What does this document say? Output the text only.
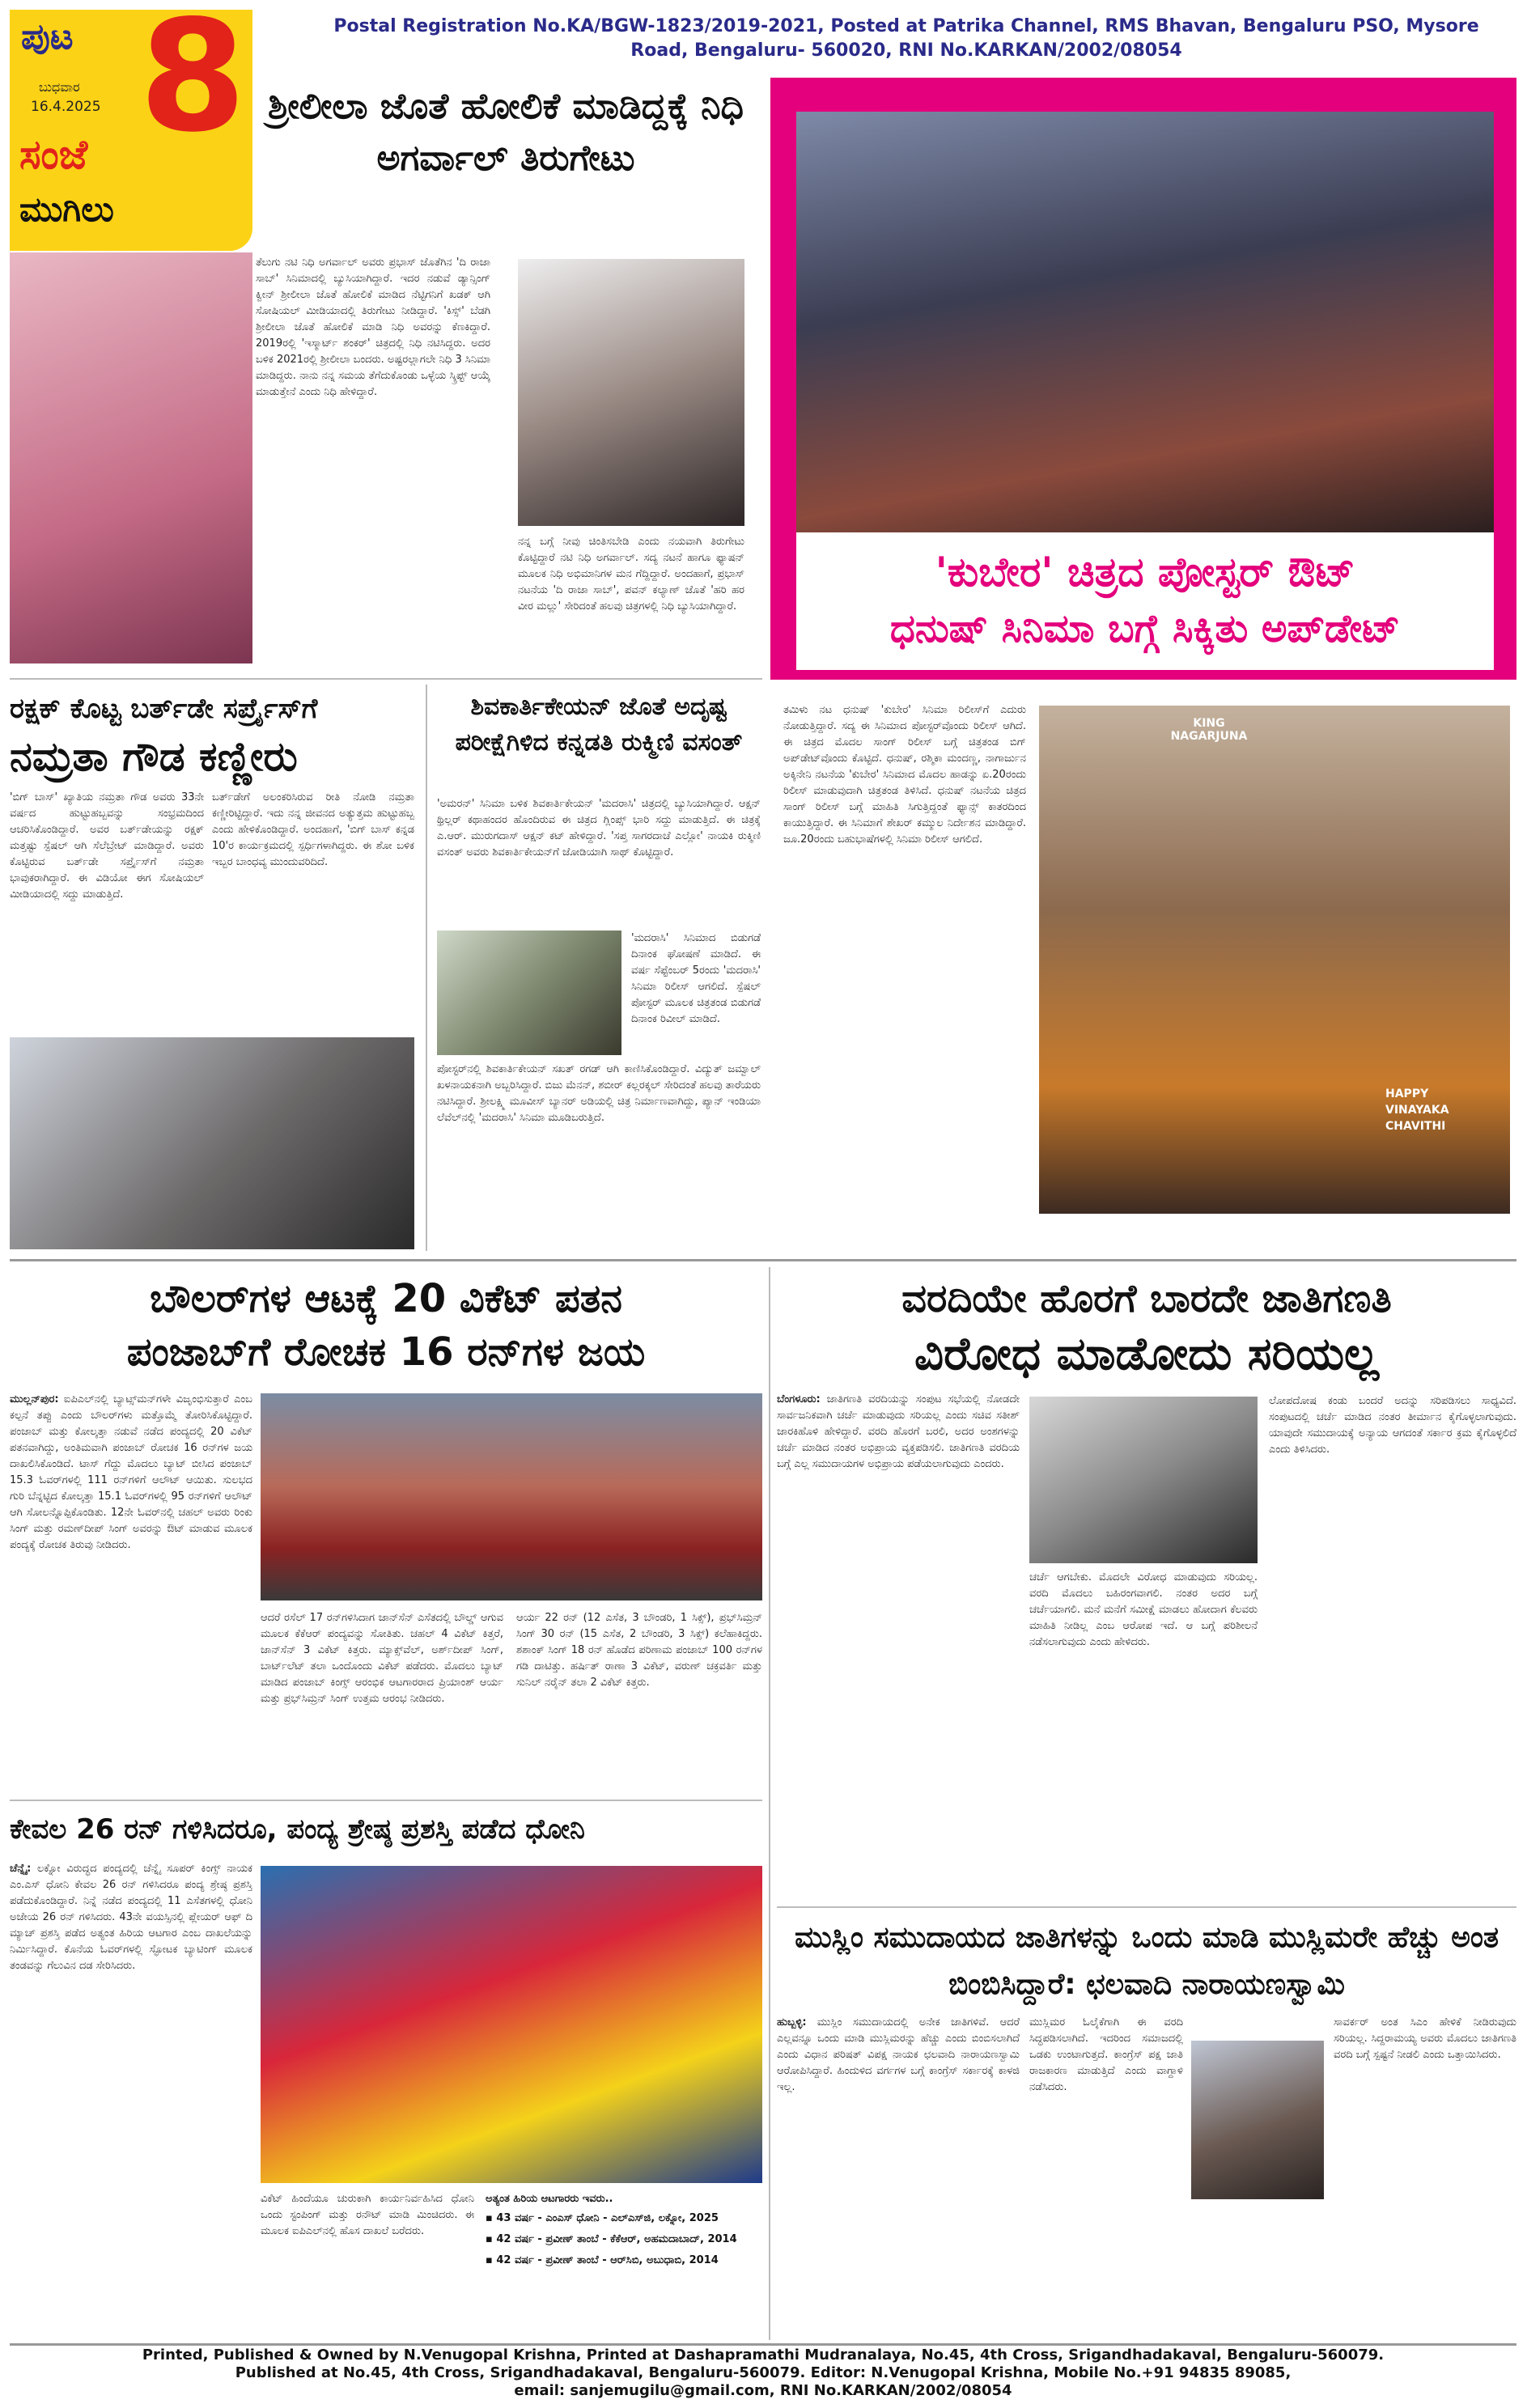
ಪುಟ
ಬುಧವಾರ
16.4.2025 8
ಸಂಜೆ
ಮುಗಿಲು
Postal Registration No.KA/BGW-1823/2019-2021, Posted at Patrika Channel, RMS Bhavan, Bengaluru PSO, Mysore Road, Bengaluru- 560020, RNI No.KARKAN/2002/08054
ಶ್ರೀಲೀಲಾ ಜೊತೆ ಹೋಲಿಕೆ ಮಾಡಿದ್ದಕ್ಕೆ ನಿಧಿ ಅಗರ್ವಾಲ್ ತಿರುಗೇಟು
ತೆಲುಗು ನಟಿ ನಿಧಿ ಅಗರ್ವಾಲ್ ಅವರು ಪ್ರಭಾಸ್ ಜೊತೆಗಿನ 'ದಿ ರಾಜಾ ಸಾಬ್' ಸಿನಿಮಾದಲ್ಲಿ ಬ್ಯುಸಿಯಾಗಿದ್ದಾರೆ. ಇದರ ನಡುವೆ ಡ್ಯಾನ್ಸಿಂಗ್ ಕ್ವೀನ್ ಶ್ರೀಲೀಲಾ ಜೊತೆ ಹೋಲಿಕೆ ಮಾಡಿದ ನೆಟ್ಟಿಗನಿಗೆ ಖಡಕ್ ಆಗಿ ಸೋಷಿಯಲ್ ಮೀಡಿಯಾದಲ್ಲಿ ತಿರುಗೇಟು ನೀಡಿದ್ದಾರೆ. 'ಕಿಸ್ಸ್' ಬೆಡಗಿ ಶ್ರೀಲೀಲಾ ಜೊತೆ ಹೋಲಿಕೆ ಮಾಡಿ ನಿಧಿ ಅವರನ್ನು ಕೆಣಕಿದ್ದಾರೆ. 2019ರಲ್ಲಿ 'ಇಸ್ಮಾರ್ಟ್ ಶಂಕರ್' ಚಿತ್ರದಲ್ಲಿ ನಿಧಿ ನಟಿಸಿದ್ದರು. ಅದರ ಬಳಿಕ 2021ರಲ್ಲಿ ಶ್ರೀಲೀಲಾ ಬಂದರು. ಅಷ್ಟರಲ್ಲಾಗಲೇ ನಿಧಿ 3 ಸಿನಿಮಾ ಮಾಡಿದ್ದರು. ನಾನು ನನ್ನ ಸಮಯ ತೆಗೆದುಕೊಂಡು ಒಳ್ಳೆಯ ಸ್ಕ್ರಿಪ್ಟ್ ಆಯ್ಕೆ ಮಾಡುತ್ತೇನೆ ಎಂದು ನಿಧಿ ಹೇಳಿದ್ದಾರೆ.
ನನ್ನ ಬಗ್ಗೆ ನೀವು ಚಿಂತಿಸಬೇಡಿ ಎಂದು ನಯವಾಗಿ ತಿರುಗೇಟು ಕೊಟ್ಟಿದ್ದಾರೆ ನಟಿ ನಿಧಿ ಅಗರ್ವಾಲ್. ಸದ್ಯ ನಟನೆ ಹಾಗೂ ಫ್ಯಾಷನ್ ಮೂಲಕ ನಿಧಿ ಅಭಿಮಾನಿಗಳ ಮನ ಗೆದ್ದಿದ್ದಾರೆ. ಅಂದಹಾಗೆ, ಪ್ರಭಾಸ್ ನಟನೆಯ 'ದಿ ರಾಜಾ ಸಾಬ್', ಪವನ್ ಕಲ್ಯಾಣ್ ಜೊತೆ 'ಹರಿ ಹರ ವೀರ ಮಲ್ಲು' ಸೇರಿದಂತೆ ಹಲವು ಚಿತ್ರಗಳಲ್ಲಿ ನಿಧಿ ಬ್ಯುಸಿಯಾಗಿದ್ದಾರೆ.
'ಕುಬೇರ' ಚಿತ್ರದ ಪೋಸ್ಟರ್ ಔಟ್
ಧನುಷ್ ಸಿನಿಮಾ ಬಗ್ಗೆ ಸಿಕ್ಕಿತು ಅಪ್‌ಡೇಟ್
ತಮಿಳು ನಟ ಧನುಷ್ 'ಕುಬೇರ' ಸಿನಿಮಾ ರಿಲೀಸ್‌ಗೆ ಎದುರು ನೋಡುತ್ತಿದ್ದಾರೆ. ಸದ್ಯ ಈ ಸಿನಿಮಾದ ಪೋಸ್ಟರ್‌ವೊಂದು ರಿಲೀಸ್ ಆಗಿದೆ. ಈ ಚಿತ್ರದ ಮೊದಲ ಸಾಂಗ್ ರಿಲೀಸ್ ಬಗ್ಗೆ ಚಿತ್ರತಂಡ ಬಿಗ್ ಅಪ್‌ಡೇಟ್‌ವೊಂದು ಕೊಟ್ಟಿದೆ. ಧನುಷ್, ರಶ್ಮಿಕಾ ಮಂದಣ್ಣ, ನಾಗಾರ್ಜುನ ಅಕ್ಕಿನೇನಿ ನಟನೆಯ 'ಕುಬೇರ' ಸಿನಿಮಾದ ಮೊದಲ ಹಾಡನ್ನು ಏ.20ರಂದು ರಿಲೀಸ್ ಮಾಡುವುದಾಗಿ ಚಿತ್ರತಂಡ ತಿಳಿಸಿದೆ. ಧನುಷ್ ನಟನೆಯ ಚಿತ್ರದ ಸಾಂಗ್ ರಿಲೀಸ್ ಬಗ್ಗೆ ಮಾಹಿತಿ ಸಿಗುತ್ತಿದ್ದಂತೆ ಫ್ಯಾನ್ಸ್ ಕಾತರದಿಂದ ಕಾಯುತ್ತಿದ್ದಾರೆ. ಈ ಸಿನಿಮಾಗೆ ಶೇಖರ್ ಕಮ್ಮುಲ ನಿರ್ದೇಶನ ಮಾಡಿದ್ದಾರೆ. ಜೂ.20ರಂದು ಬಹುಭಾಷೆಗಳಲ್ಲಿ ಸಿನಿಮಾ ರಿಲೀಸ್ ಆಗಲಿದೆ.
KING NAGARJUNA
HAPPY VINAYAKA CHAVITHI
ರಕ್ಷಕ್ ಕೊಟ್ಟ ಬರ್ತ್‌ಡೇ ಸರ್ಪ್ರೈಸ್‌ಗೆ
ನಮ್ರತಾ ಗೌಡ ಕಣ್ಣೀರು
'ಬಿಗ್ ಬಾಸ್' ಖ್ಯಾತಿಯ ನಮ್ರತಾ ಗೌಡ ಅವರು 33ನೇ ವರ್ಷದ ಹುಟ್ಟುಹಬ್ಬವನ್ನು ಸಂಭ್ರಮದಿಂದ ಆಚರಿಸಿಕೊಂಡಿದ್ದಾರೆ. ಅವರ ಬರ್ತ್‌ಡೇಯನ್ನು ರಕ್ಷಕ್ ಮತ್ತಷ್ಟು ಸ್ಪೆಷಲ್ ಆಗಿ ಸೆಲೆಬ್ರೇಟ್ ಮಾಡಿದ್ದಾರೆ. ಅವರು ಕೊಟ್ಟಿರುವ ಬರ್ತ್‌ಡೇ ಸರ್ಪ್ರೈಸ್‌ಗೆ ನಮ್ರತಾ ಭಾವುಕರಾಗಿದ್ದಾರೆ. ಈ ವಿಡಿಯೋ ಈಗ ಸೋಷಿಯಲ್ ಮೀಡಿಯಾದಲ್ಲಿ ಸದ್ದು ಮಾಡುತ್ತಿದೆ.
ಬರ್ತ್‌ಡೇಗೆ ಅಲಂಕರಿಸಿರುವ ರೀತಿ ನೋಡಿ ನಮ್ರತಾ ಕಣ್ಣೀರಿಟ್ಟಿದ್ದಾರೆ. ಇದು ನನ್ನ ಜೀವನದ ಅತ್ಯುತ್ತಮ ಹುಟ್ಟುಹಬ್ಬ ಎಂದು ಹೇಳಿಕೊಂಡಿದ್ದಾರೆ. ಅಂದಹಾಗೆ, 'ಬಿಗ್ ಬಾಸ್ ಕನ್ನಡ 10'ರ ಕಾರ್ಯಕ್ರಮದಲ್ಲಿ ಸ್ಪರ್ಧಿಗಳಾಗಿದ್ದರು. ಈ ಶೋ ಬಳಿಕ ಇಬ್ಬರ ಬಾಂಧವ್ಯ ಮುಂದುವರಿದಿದೆ.
ಶಿವಕಾರ್ತಿಕೇಯನ್ ಜೊತೆ ಅದೃಷ್ಟ ಪರೀಕ್ಷೆಗಿಳಿದ ಕನ್ನಡತಿ ರುಕ್ಮಿಣಿ ವಸಂತ್
'ಅಮರನ್' ಸಿನಿಮಾ ಬಳಿಕ ಶಿವಕಾರ್ತಿಕೇಯನ್ 'ಮದರಾಸಿ' ಚಿತ್ರದಲ್ಲಿ ಬ್ಯುಸಿಯಾಗಿದ್ದಾರೆ. ಆಕ್ಷನ್ ಥ್ರಿಲ್ಲರ್ ಕಥಾಹಂದರ ಹೊಂದಿರುವ ಈ ಚಿತ್ರದ ಗ್ಲಿಂಪ್ಸ್ ಭಾರಿ ಸದ್ದು ಮಾಡುತ್ತಿದೆ. ಈ ಚಿತ್ರಕ್ಕೆ ಎ.ಆರ್. ಮುರುಗದಾಸ್ ಆಕ್ಷನ್ ಕಟ್ ಹೇಳಿದ್ದಾರೆ. 'ಸಪ್ತ ಸಾಗರದಾಚೆ ಎಲ್ಲೋ' ನಾಯಕಿ ರುಕ್ಮಿಣಿ ವಸಂತ್ ಅವರು ಶಿವಕಾರ್ತಿಕೇಯನ್‌ಗೆ ಜೋಡಿಯಾಗಿ ಸಾಥ್ ಕೊಟ್ಟಿದ್ದಾರೆ.
'ಮದರಾಸಿ' ಸಿನಿಮಾದ ಬಿಡುಗಡೆ ದಿನಾಂಕ ಘೋಷಣೆ ಮಾಡಿದೆ. ಈ ವರ್ಷ ಸೆಪ್ಟೆಂಬರ್ 5ರಂದು 'ಮದರಾಸಿ' ಸಿನಿಮಾ ರಿಲೀಸ್ ಆಗಲಿದೆ. ಸ್ಪೆಷಲ್ ಪೋಸ್ಟರ್ ಮೂಲಕ ಚಿತ್ರತಂಡ ಬಿಡುಗಡೆ ದಿನಾಂಕ ರಿವೀಲ್ ಮಾಡಿದೆ.
ಪೋಸ್ಟರ್‌ನಲ್ಲಿ ಶಿವಕಾರ್ತಿಕೇಯನ್ ಸಖತ್ ರಗಡ್ ಆಗಿ ಕಾಣಿಸಿಕೊಂಡಿದ್ದಾರೆ. ವಿದ್ಯುತ್ ಜಮ್ವಾಲ್ ಖಳನಾಯಕನಾಗಿ ಅಬ್ಬರಿಸಿದ್ದಾರೆ. ಬಿಜು ಮೆನನ್, ಶಬೀರ್ ಕಲ್ಲರಕ್ಕಲ್ ಸೇರಿದಂತೆ ಹಲವು ತಾರೆಯರು ನಟಿಸಿದ್ದಾರೆ. ಶ್ರೀಲಕ್ಷ್ಮಿ ಮೂವೀಸ್ ಬ್ಯಾನರ್ ಅಡಿಯಲ್ಲಿ ಚಿತ್ರ ನಿರ್ಮಾಣವಾಗಿದ್ದು, ಪ್ಯಾನ್ ಇಂಡಿಯಾ ಲೆವೆಲ್‌ನಲ್ಲಿ 'ಮದರಾಸಿ' ಸಿನಿಮಾ ಮೂಡಿಬರುತ್ತಿದೆ.
ಬೌಲರ್‌ಗಳ ಆಟಕ್ಕೆ 20 ವಿಕೆಟ್ ಪತನ
ಪಂಜಾಬ್‌ಗೆ ರೋಚಕ 16 ರನ್‌ಗಳ ಜಯ
ಮುಲ್ಲನ್‌ಪುರ: ಐಪಿಎಲ್‌ನಲ್ಲಿ ಬ್ಯಾಟ್ಸ್‌ಮನ್‌ಗಳೇ ವಿಜೃಂಭಿಸುತ್ತಾರೆ ಎಂಬ ಕಲ್ಪನೆ ತಪ್ಪು ಎಂದು ಬೌಲರ್‌ಗಳು ಮತ್ತೊಮ್ಮೆ ತೋರಿಸಿಕೊಟ್ಟಿದ್ದಾರೆ. ಪಂಜಾಬ್ ಮತ್ತು ಕೋಲ್ಕತ್ತಾ ನಡುವೆ ನಡೆದ ಪಂದ್ಯದಲ್ಲಿ 20 ವಿಕೆಟ್ ಪತನವಾಗಿದ್ದು, ಅಂತಿಮವಾಗಿ ಪಂಜಾಬ್ ರೋಚಕ 16 ರನ್‌ಗಳ ಜಯ ದಾಖಲಿಸಿಕೊಂಡಿದೆ. ಟಾಸ್ ಗೆದ್ದು ಮೊದಲು ಬ್ಯಾಟ್ ಬೀಸಿದ ಪಂಜಾಬ್ 15.3 ಓವರ್‌ಗಳಲ್ಲಿ 111 ರನ್‌ಗಳಿಗೆ ಆಲೌಟ್ ಆಯಿತು. ಸುಲಭದ ಗುರಿ ಬೆನ್ನಟ್ಟಿದ ಕೋಲ್ಕತ್ತಾ 15.1 ಓವರ್‌ಗಳಲ್ಲಿ 95 ರನ್‌ಗಳಿಗೆ ಆಲೌಟ್ ಆಗಿ ಸೋಲನ್ನೊಪ್ಪಿಕೊಂಡಿತು. 12ನೇ ಓವರ್‌ನಲ್ಲಿ ಚಹಲ್ ಅವರು ರಿಂಕು ಸಿಂಗ್ ಮತ್ತು ರಮಣ್‌ದೀಪ್ ಸಿಂಗ್ ಅವರನ್ನು ಔಟ್ ಮಾಡುವ ಮೂಲಕ ಪಂದ್ಯಕ್ಕೆ ರೋಚಕ ತಿರುವು ನೀಡಿದರು.
ಆದರೆ ರಸೆಲ್ 17 ರನ್‌ಗಳಿಸಿದಾಗ ಜಾನ್‌ಸೆನ್ ಎಸೆತದಲ್ಲಿ ಬೌಲ್ಡ್ ಆಗುವ ಮೂಲಕ ಕೆಕೆಆರ್ ಪಂದ್ಯವನ್ನು ಸೋತಿತು. ಚಹಲ್ 4 ವಿಕೆಟ್ ಕಿತ್ತರೆ, ಜಾನ್‌ಸೆನ್ 3 ವಿಕೆಟ್ ಕಿತ್ತರು. ಮ್ಯಾಕ್ಸ್‌ವೆಲ್, ಅರ್ಶ್‌ದೀಪ್ ಸಿಂಗ್, ಬಾರ್ಟ್‌ಲೆಟ್ ತಲಾ ಒಂದೊಂದು ವಿಕೆಟ್ ಪಡೆದರು. ಮೊದಲು ಬ್ಯಾಟ್ ಮಾಡಿದ ಪಂಜಾಬ್ ಕಿಂಗ್ಸ್ ಆರಂಭಿಕ ಆಟಗಾರರಾದ ಪ್ರಿಯಾಂಶ್ ಆರ್ಯ ಮತ್ತು ಪ್ರಭ್‌ಸಿಮ್ರನ್ ಸಿಂಗ್ ಉತ್ತಮ ಆರಂಭ ನೀಡಿದರು.
ಆರ್ಯ 22 ರನ್ (12 ಎಸೆತ, 3 ಬೌಂಡರಿ, 1 ಸಿಕ್ಸ್), ಪ್ರಭ್‌ಸಿಮ್ರನ್ ಸಿಂಗ್ 30 ರನ್ (15 ಎಸೆತ, 2 ಬೌಂಡರಿ, 3 ಸಿಕ್ಸ್) ಕಲೆಹಾಕಿದ್ದರು. ಶಶಾಂಕ್ ಸಿಂಗ್ 18 ರನ್ ಹೊಡೆದ ಪರಿಣಾಮ ಪಂಜಾಬ್ 100 ರನ್‌ಗಳ ಗಡಿ ದಾಟಿತ್ತು. ಹರ್ಷಿತ್ ರಾಣಾ 3 ವಿಕೆಟ್, ವರುಣ್ ಚಕ್ರವರ್ತಿ ಮತ್ತು ಸುನಿಲ್ ನರೈನ್ ತಲಾ 2 ವಿಕೆಟ್ ಕಿತ್ತರು.
ವರದಿಯೇ ಹೊರಗೆ ಬಾರದೇ ಜಾತಿಗಣತಿ
ವಿರೋಧ ಮಾಡೋದು ಸರಿಯಲ್ಲ
ಬೆಂಗಳೂರು: ಜಾತಿಗಣತಿ ವರದಿಯನ್ನು ಸಂಪುಟ ಸಭೆಯಲ್ಲಿ ನೋಡದೇ ಸಾರ್ವಜನಿಕವಾಗಿ ಚರ್ಚೆ ಮಾಡುವುದು ಸರಿಯಲ್ಲ ಎಂದು ಸಚಿವ ಸತೀಶ್ ಜಾರಕಿಹೊಳಿ ಹೇಳಿದ್ದಾರೆ. ವರದಿ ಹೊರಗೆ ಬರಲಿ, ಅದರ ಅಂಶಗಳನ್ನು ಚರ್ಚೆ ಮಾಡಿದ ನಂತರ ಅಭಿಪ್ರಾಯ ವ್ಯಕ್ತಪಡಿಸಲಿ. ಜಾತಿಗಣತಿ ವರದಿಯ ಬಗ್ಗೆ ಎಲ್ಲ ಸಮುದಾಯಗಳ ಅಭಿಪ್ರಾಯ ಪಡೆಯಲಾಗುವುದು ಎಂದರು.
ಚರ್ಚೆ ಆಗಬೇಕು. ಮೊದಲೇ ವಿರೋಧ ಮಾಡುವುದು ಸರಿಯಲ್ಲ. ವರದಿ ಮೊದಲು ಬಹಿರಂಗವಾಗಲಿ. ನಂತರ ಅದರ ಬಗ್ಗೆ ಚರ್ಚೆಯಾಗಲಿ. ಮನೆ ಮನೆಗೆ ಸಮೀಕ್ಷೆ ಮಾಡಲು ಹೋದಾಗ ಕೆಲವರು ಮಾಹಿತಿ ನೀಡಿಲ್ಲ ಎಂಬ ಆರೋಪ ಇದೆ. ಆ ಬಗ್ಗೆ ಪರಿಶೀಲನೆ ನಡೆಸಲಾಗುವುದು ಎಂದು ಹೇಳಿದರು.
ಲೋಪದೋಷ ಕಂಡು ಬಂದರೆ ಅದನ್ನು ಸರಿಪಡಿಸಲು ಸಾಧ್ಯವಿದೆ. ಸಂಪುಟದಲ್ಲಿ ಚರ್ಚೆ ಮಾಡಿದ ನಂತರ ತೀರ್ಮಾನ ಕೈಗೊಳ್ಳಲಾಗುವುದು. ಯಾವುದೇ ಸಮುದಾಯಕ್ಕೆ ಅನ್ಯಾಯ ಆಗದಂತೆ ಸರ್ಕಾರ ಕ್ರಮ ಕೈಗೊಳ್ಳಲಿದೆ ಎಂದು ತಿಳಿಸಿದರು.
ಕೇವಲ 26 ರನ್ ಗಳಿಸಿದರೂ, ಪಂದ್ಯ ಶ್ರೇಷ್ಠ ಪ್ರಶಸ್ತಿ ಪಡೆದ ಧೋನಿ
ಚೆನ್ನೈ: ಲಕ್ನೋ ವಿರುದ್ಧದ ಪಂದ್ಯದಲ್ಲಿ ಚೆನ್ನೈ ಸೂಪರ್ ಕಿಂಗ್ಸ್ ನಾಯಕ ಎಂ.ಎಸ್ ಧೋನಿ ಕೇವಲ 26 ರನ್ ಗಳಿಸಿದರೂ ಪಂದ್ಯ ಶ್ರೇಷ್ಠ ಪ್ರಶಸ್ತಿ ಪಡೆದುಕೊಂಡಿದ್ದಾರೆ. ನಿನ್ನೆ ನಡೆದ ಪಂದ್ಯದಲ್ಲಿ 11 ಎಸೆತಗಳಲ್ಲಿ ಧೋನಿ ಅಜೇಯ 26 ರನ್ ಗಳಿಸಿದರು. 43ನೇ ವಯಸ್ಸಿನಲ್ಲಿ ಪ್ಲೇಯರ್ ಆಫ್ ದಿ ಮ್ಯಾಚ್ ಪ್ರಶಸ್ತಿ ಪಡೆದ ಅತ್ಯಂತ ಹಿರಿಯ ಆಟಗಾರ ಎಂಬ ದಾಖಲೆಯನ್ನು ನಿರ್ಮಿಸಿದ್ದಾರೆ. ಕೊನೆಯ ಓವರ್‌ಗಳಲ್ಲಿ ಸ್ಫೋಟಕ ಬ್ಯಾಟಿಂಗ್ ಮೂಲಕ ತಂಡವನ್ನು ಗೆಲುವಿನ ದಡ ಸೇರಿಸಿದರು.
ವಿಕೆಟ್ ಹಿಂದೆಯೂ ಚುರುಕಾಗಿ ಕಾರ್ಯನಿರ್ವಹಿಸಿದ ಧೋನಿ ಒಂದು ಸ್ಟಂಪಿಂಗ್ ಮತ್ತು ರನೌಟ್ ಮಾಡಿ ಮಿಂಚಿದರು. ಈ ಮೂಲಕ ಐಪಿಎಲ್‌ನಲ್ಲಿ ಹೊಸ ದಾಖಲೆ ಬರೆದರು.
ಅತ್ಯಂತ ಹಿರಿಯ ಆಟಗಾರರು ಇವರು..
▪ 43 ವರ್ಷ - ಎಂಎಸ್ ಧೋನಿ - ಎಲ್‌ಎಸ್‌ಜಿ, ಲಕ್ನೋ, 2025
▪ 42 ವರ್ಷ - ಪ್ರವೀಣ್ ತಾಂಬೆ - ಕೆಕೆಆರ್, ಅಹಮದಾಬಾದ್, 2014
▪ 42 ವರ್ಷ - ಪ್ರವೀಣ್ ತಾಂಬೆ - ಆರ್‌ಸಿಬಿ, ಅಬುಧಾಬಿ, 2014
ಮುಸ್ಲಿಂ ಸಮುದಾಯದ ಜಾತಿಗಳನ್ನು ಒಂದು ಮಾಡಿ ಮುಸ್ಲಿಮರೇ ಹೆಚ್ಚು ಅಂತ ಬಿಂಬಿಸಿದ್ದಾರೆ: ಛಲವಾದಿ ನಾರಾಯಣಸ್ವಾಮಿ
ಹುಬ್ಬಳ್ಳಿ: ಮುಸ್ಲಿಂ ಸಮುದಾಯದಲ್ಲಿ ಅನೇಕ ಜಾತಿಗಳಿವೆ. ಆದರೆ ಎಲ್ಲವನ್ನೂ ಒಂದು ಮಾಡಿ ಮುಸ್ಲಿಮರನ್ನು ಹೆಚ್ಚು ಎಂದು ಬಿಂಬಿಸಲಾಗಿದೆ ಎಂದು ವಿಧಾನ ಪರಿಷತ್ ವಿಪಕ್ಷ ನಾಯಕ ಛಲವಾದಿ ನಾರಾಯಣಸ್ವಾಮಿ ಆರೋಪಿಸಿದ್ದಾರೆ. ಹಿಂದುಳಿದ ವರ್ಗಗಳ ಬಗ್ಗೆ ಕಾಂಗ್ರೆಸ್ ಸರ್ಕಾರಕ್ಕೆ ಕಾಳಜಿ ಇಲ್ಲ.
ಮುಸ್ಲಿಮರ ಓಲೈಕೆಗಾಗಿ ಈ ವರದಿ ಸಿದ್ಧಪಡಿಸಲಾಗಿದೆ. ಇದರಿಂದ ಸಮಾಜದಲ್ಲಿ ಒಡಕು ಉಂಟಾಗುತ್ತದೆ. ಕಾಂಗ್ರೆಸ್ ಪಕ್ಷ ಜಾತಿ ರಾಜಕಾರಣ ಮಾಡುತ್ತಿದೆ ಎಂದು ವಾಗ್ದಾಳಿ ನಡೆಸಿದರು.
ಸಾವರ್ಕರ್ ಅಂತ ಸಿಎಂ ಹೇಳಿಕೆ ನೀಡಿರುವುದು ಸರಿಯಲ್ಲ. ಸಿದ್ದರಾಮಯ್ಯ ಅವರು ಮೊದಲು ಜಾತಿಗಣತಿ ವರದಿ ಬಗ್ಗೆ ಸ್ಪಷ್ಟನೆ ನೀಡಲಿ ಎಂದು ಒತ್ತಾಯಿಸಿದರು.
Printed, Published & Owned by N.Venugopal Krishna, Printed at Dashapramathi Mudranalaya, No.45, 4th Cross, Srigandhadakaval, Bengaluru-560079.
Published at No.45, 4th Cross, Srigandhadakaval, Bengaluru-560079. Editor: N.Venugopal Krishna, Mobile No.+91 94835 89085,
email: sanjemugilu@gmail.com, RNI No.KARKAN/2002/08054
